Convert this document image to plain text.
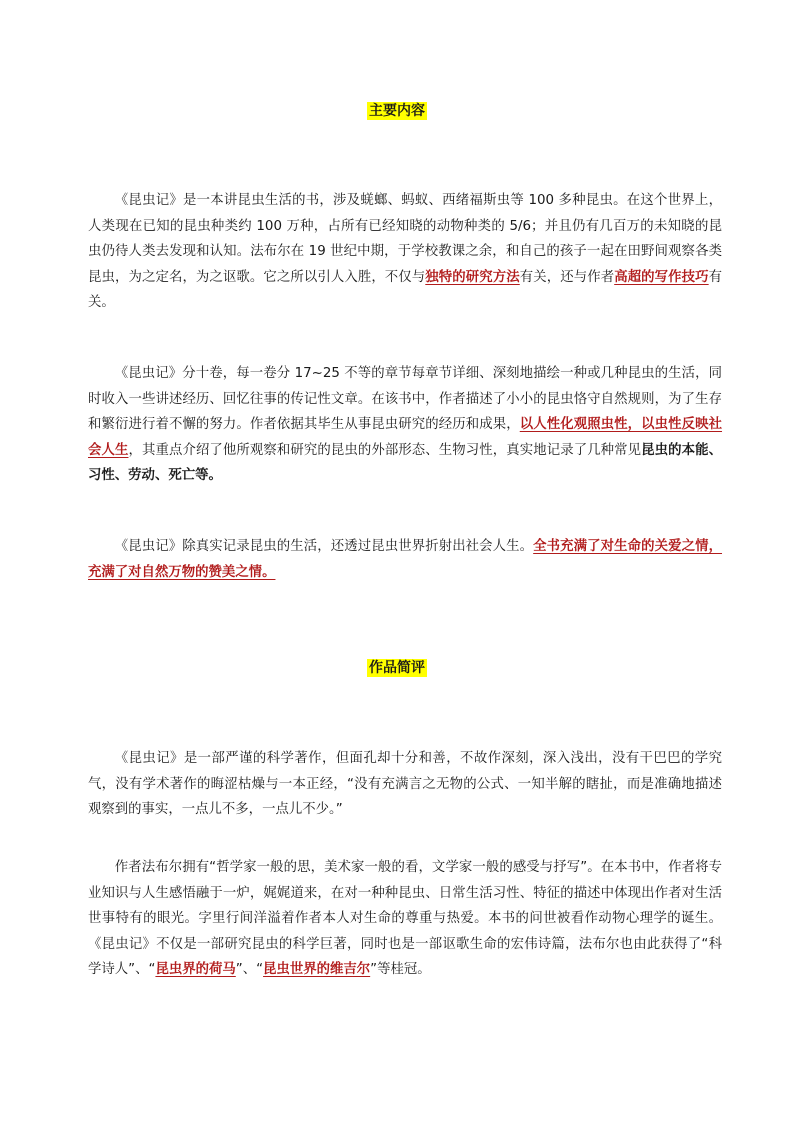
主要内容

《昆虫记》是一本讲昆虫生活的书，涉及蜣螂、蚂蚁、西绪福斯虫等 100 多种昆虫。在这个世界上，人类现在已知的昆虫种类约 100 万种，占所有已经知晓的动物种类的 5/6；并且仍有几百万的未知晓的昆虫仍待人类去发现和认知。法布尔在 19 世纪中期，于学校教课之余，和自己的孩子一起在田野间观察各类昆虫，为之定名，为之讴歌。它之所以引人入胜，不仅与独特的研究方法有关，还与作者高超的写作技巧有关。

《昆虫记》分十卷，每一卷分 17~25 不等的章节每章节详细、深刻地描绘一种或几种昆虫的生活，同时收入一些讲述经历、回忆往事的传记性文章。在该书中，作者描述了小小的昆虫恪守自然规则，为了生存和繁衍进行着不懈的努力。作者依据其毕生从事昆虫研究的经历和成果，以人性化观照虫性，以虫性反映社会人生，其重点介绍了他所观察和研究的昆虫的外部形态、生物习性，真实地记录了几种常见昆虫的本能、习性、劳动、死亡等。

《昆虫记》除真实记录昆虫的生活，还透过昆虫世界折射出社会人生。全书充满了对生命的关爱之情，充满了对自然万物的赞美之情。

作品简评

《昆虫记》是一部严谨的科学著作，但面孔却十分和善，不故作深刻，深入浅出，没有干巴巴的学究气，没有学术著作的晦涩枯燥与一本正经，“没有充满言之无物的公式、一知半解的瞎扯，而是准确地描述观察到的事实，一点儿不多，一点儿不少。”

作者法布尔拥有“哲学家一般的思，美术家一般的看，文学家一般的感受与抒写”。在本书中，作者将专业知识与人生感悟融于一炉，娓娓道来，在对一种种昆虫、日常生活习性、特征的描述中体现出作者对生活世事特有的眼光。字里行间洋溢着作者本人对生命的尊重与热爱。本书的问世被看作动物心理学的诞生。《昆虫记》不仅是一部研究昆虫的科学巨著，同时也是一部讴歌生命的宏伟诗篇，法布尔也由此获得了“科学诗人”、“昆虫界的荷马”、“昆虫世界的维吉尔”等桂冠。
